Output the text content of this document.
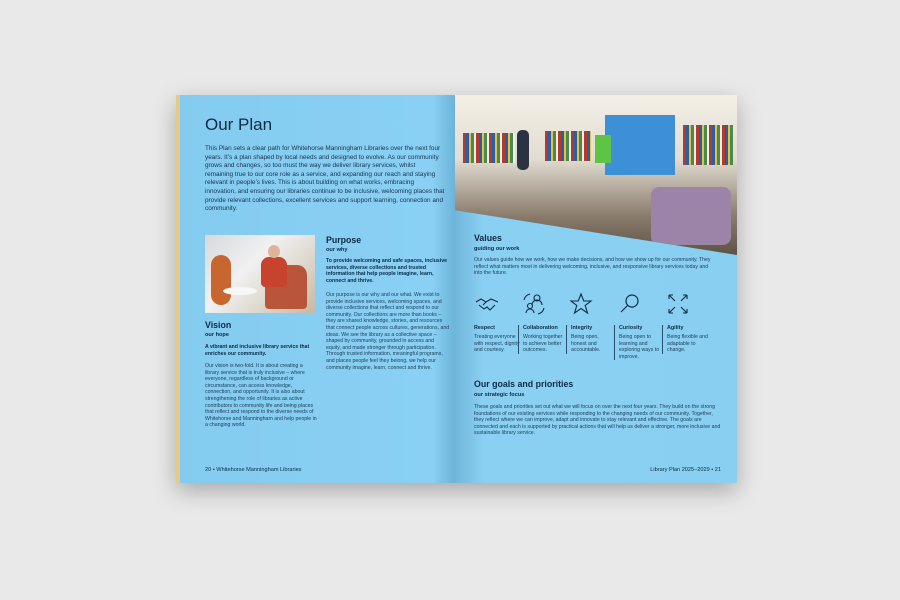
Our Plan
This Plan sets a clear path for Whitehorse Manningham Libraries over the next four years. It’s a plan shaped by local needs and designed to evolve. As our community grows and changes, so too must the way we deliver library services, whilst remaining true to our core role as a service, and expanding our reach and staying relevant in people’s lives. This is about building on what works, embracing innovation, and ensuring our libraries continue to be inclusive, welcoming places that provide relevant collections, excellent services and support learning, connection and community.
Purpose
our why
To provide welcoming and safe spaces, inclusive services, diverse collections and trusted information that help people imagine, learn, connect and thrive.
Our purpose is our why and our what. We exist to provide inclusive services, welcoming spaces, and diverse collections that reflect and respond to our community. Our collections are more than books – they are shared knowledge, stories, and resources that connect people across cultures, generations, and ideas. We see the library as a collective space – shaped by community, grounded in access and equity, and made stronger through participation. Through trusted information, meaningful programs, and places people feel they belong, we help our community imagine, learn, connect and thrive.
Vision
our hope
A vibrant and inclusive library service that enriches our community.
Our vision is two-fold. It is about creating a library service that is truly inclusive – where everyone, regardless of background or circumstance, can access knowledge, connection, and opportunity. It is also about strengthening the role of libraries as active contributors to community life and being places that reflect and respond to the diverse needs of Whitehorse and Manningham and help people in a changing world.
20 • Whitehorse Manningham Libraries
Values
guiding our work
Our values guide how we work, how we make decisions, and how we show up for our community. They reflect what matters most in delivering welcoming, inclusive, and responsive library services today and into the future.
Respect
Treating everyone with respect, dignity and courtesy.
Collaboration
Working together to achieve better outcomes.
Integrity
Being open, honest and accountable.
Curiosity
Being open to learning and exploring ways to improve.
Agility
Being flexible and adaptable to change.
Our goals and priorities
our strategic focus
These goals and priorities set out what we will focus on over the next four years. They build on the strong foundations of our existing services while responding to the changing needs of our community. Together, they reflect where we can improve, adapt and innovate to stay relevant and effective. The goals are connected and each is supported by practical actions that will help us deliver a stronger, more inclusive and sustainable library service.
Library Plan 2025–2029 • 21
